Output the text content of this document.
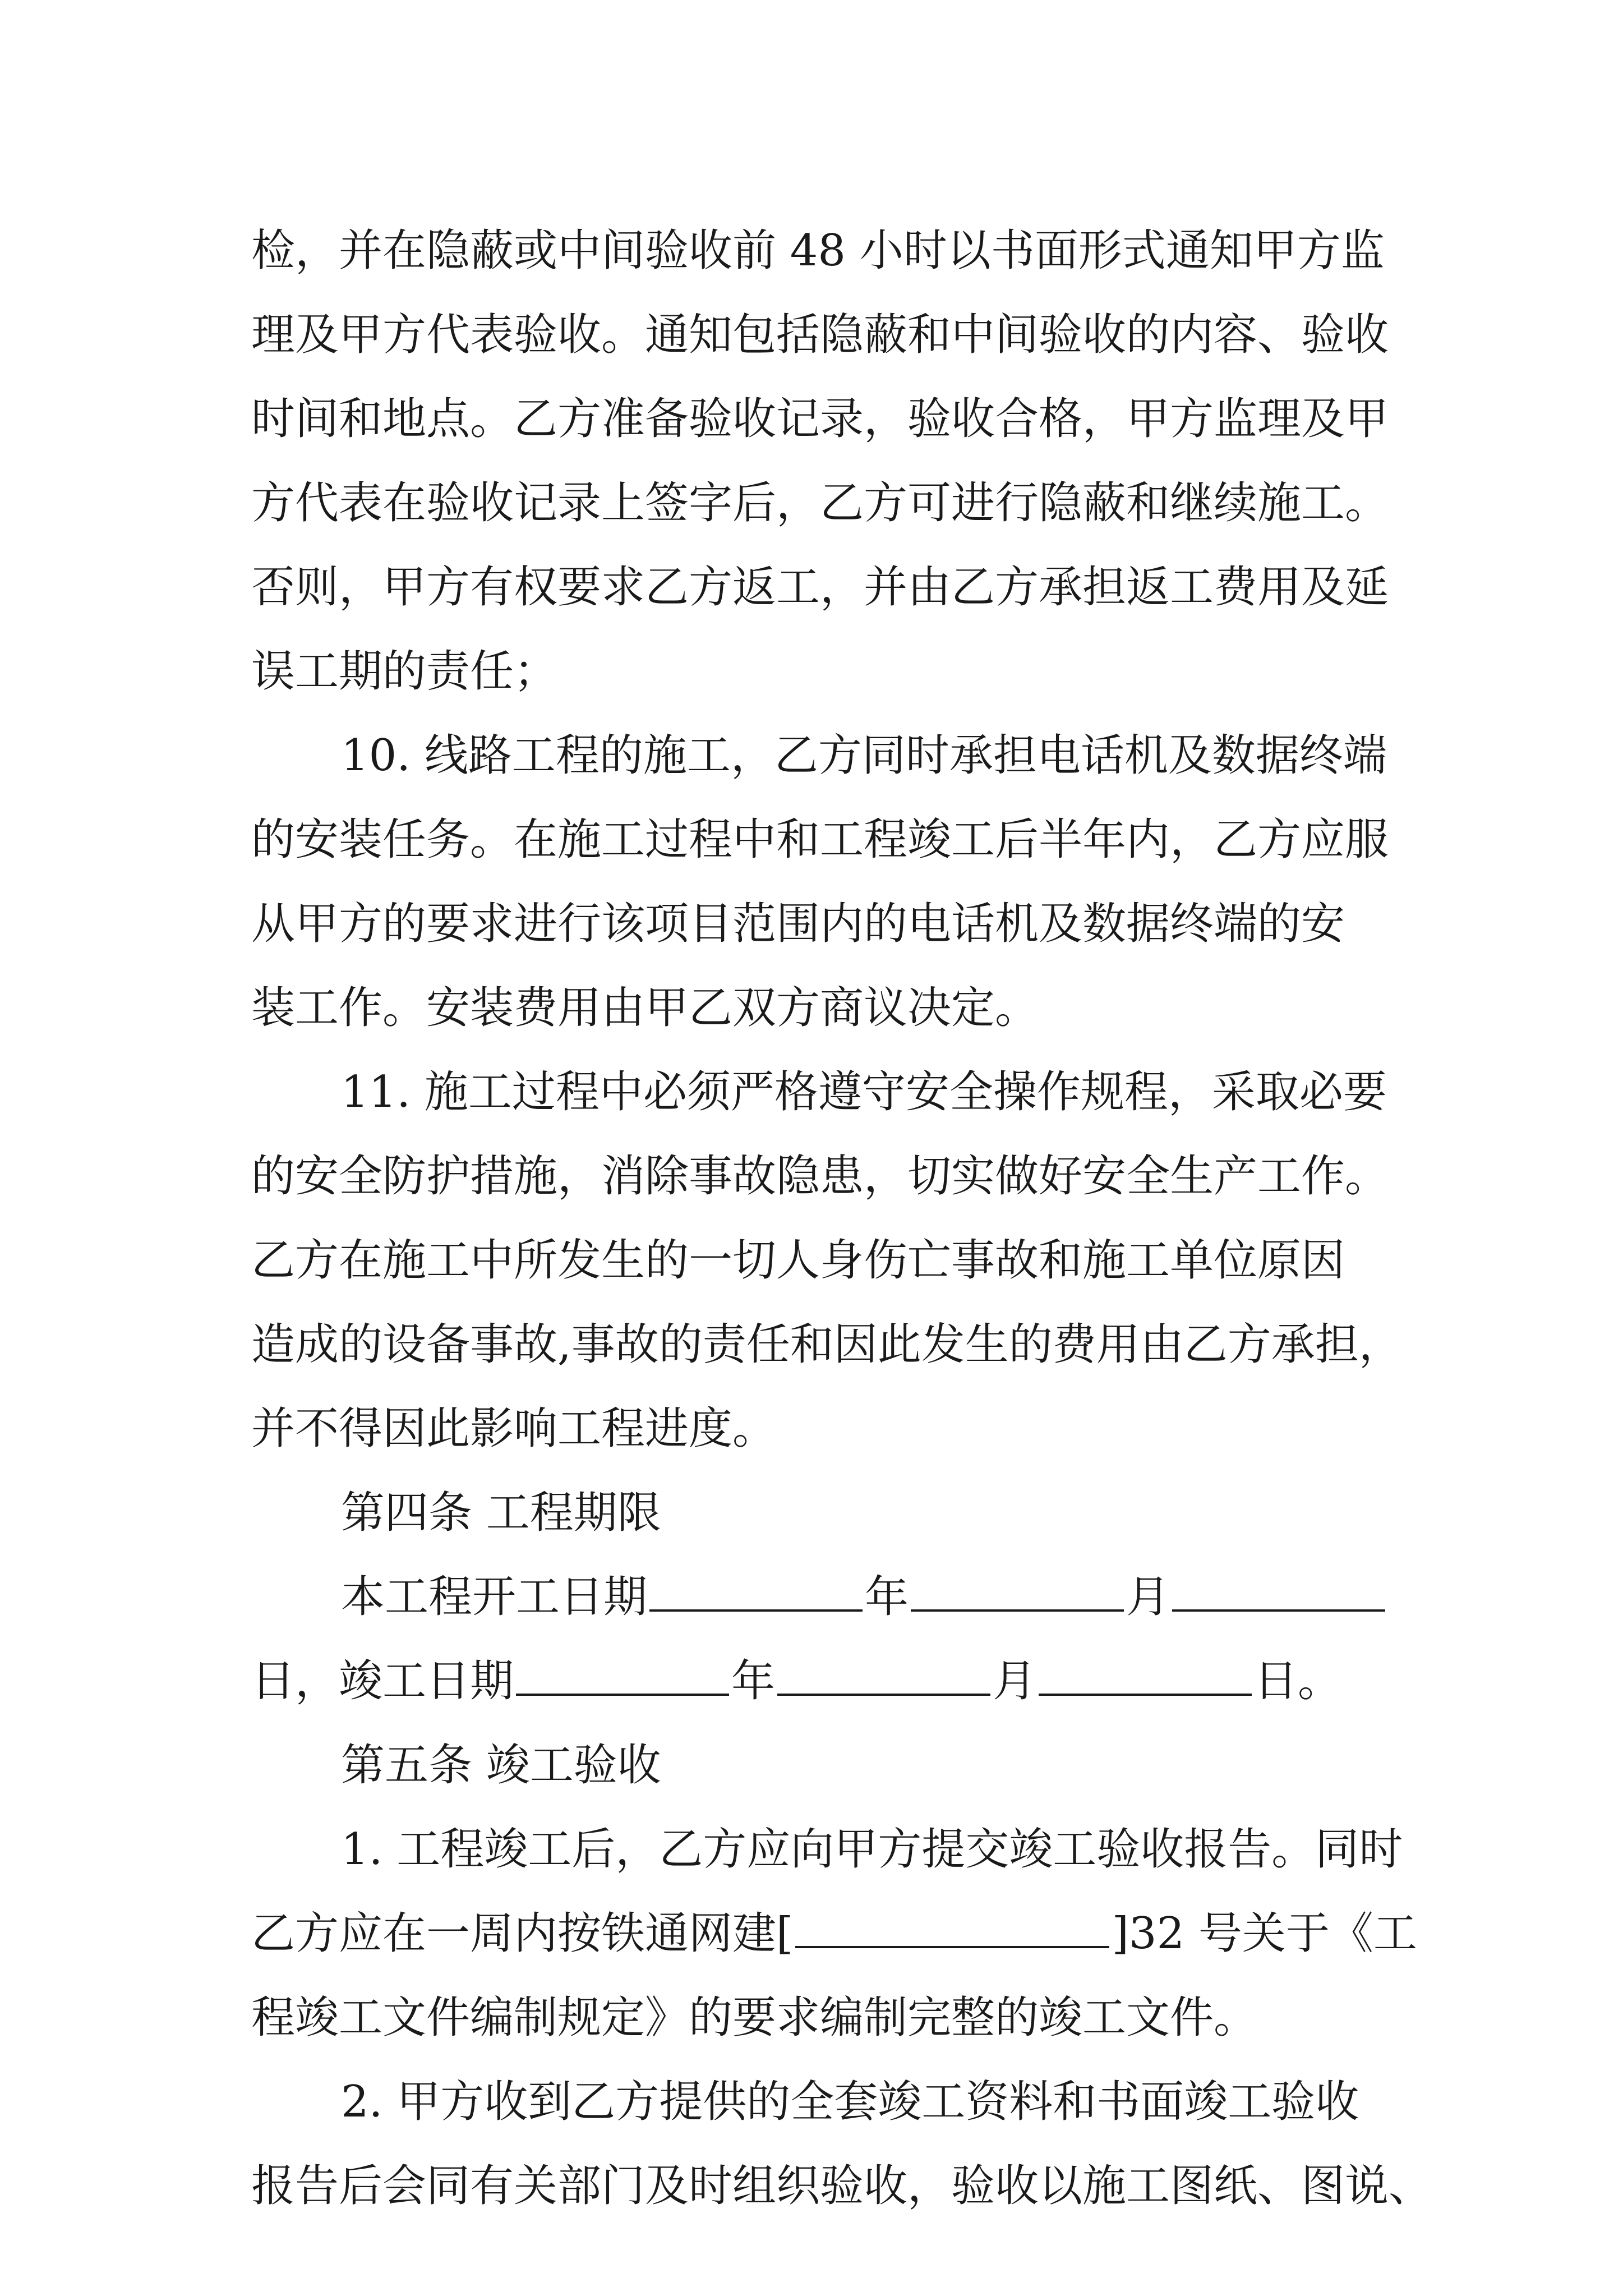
检，并在隐蔽或中间验收前 48 小时以书面形式通知甲方监
理及甲方代表验收。通知包括隐蔽和中间验收的内容、验收
时间和地点。乙方准备验收记录，验收合格，甲方监理及甲
方代表在验收记录上签字后，乙方可进行隐蔽和继续施工。
否则，甲方有权要求乙方返工，并由乙方承担返工费用及延
误工期的责任；
10. 线路工程的施工，乙方同时承担电话机及数据终端
的安装任务。在施工过程中和工程竣工后半年内，乙方应服
从甲方的要求进行该项目范围内的电话机及数据终端的安
装工作。安装费用由甲乙双方商议决定。
11. 施工过程中必须严格遵守安全操作规程，采取必要
的安全防护措施，消除事故隐患，切实做好安全生产工作。
乙方在施工中所发生的一切人身伤亡事故和施工单位原因
造成的设备事故,事故的责任和因此发生的费用由乙方承担，
并不得因此影响工程进度。
第四条 工程期限
本工程开工日期	年	月
日，竣工日期	年	月	日。
第五条 竣工验收
1. 工程竣工后，乙方应向甲方提交竣工验收报告。同时
乙方应在一周内按铁通网建[	]32 号关于《工
程竣工文件编制规定》的要求编制完整的竣工文件。
2. 甲方收到乙方提供的全套竣工资料和书面竣工验收
报告后会同有关部门及时组织验收，验收以施工图纸、图说、
